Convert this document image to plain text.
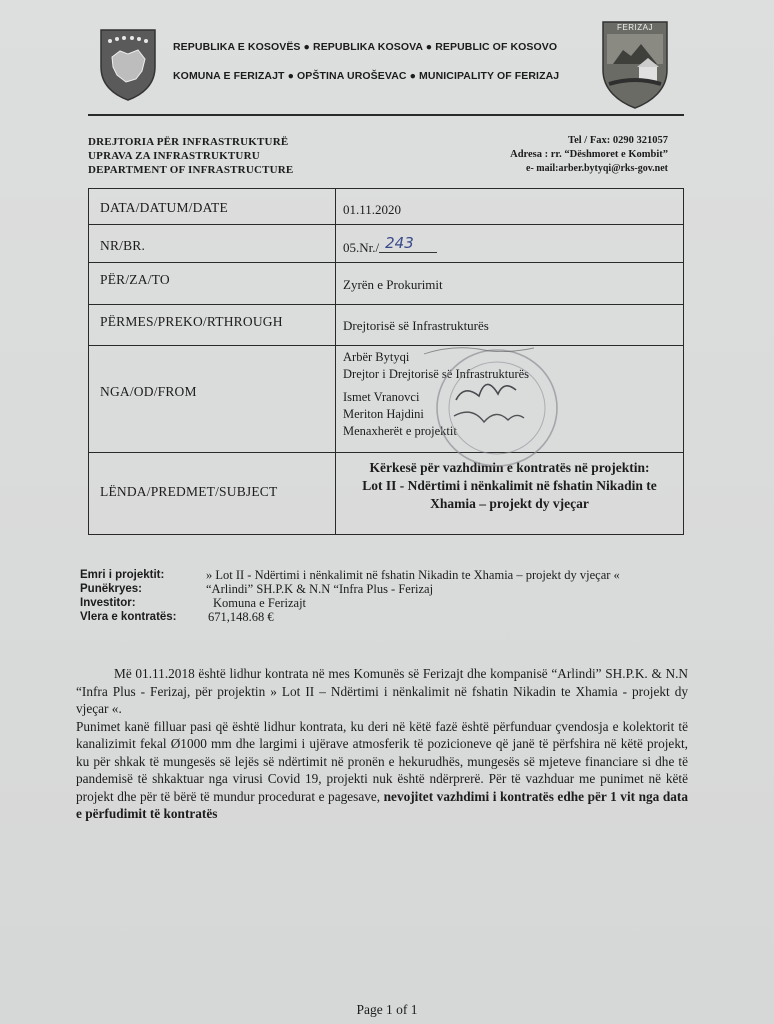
REPUBLIKA E KOSOVËS ● REPUBLIKA KOSOVA ● REPUBLIC OF KOSOVO
KOMUNA E FERIZAJT ● OPŠTINA UROŠEVAC ● MUNICIPALITY OF FERIZAJ
FERIZAJ
DREJTORIA PËR INFRASTRUKTURË
UPRAVA ZA INFRASTRUKTURU
DEPARTMENT OF INFRASTRUCTURE
Tel / Fax: 0290 321057
Adresa : rr. “Dëshmoret e Kombit”
e- mail:arber.bytyqi@rks-gov.net
DATA/DATUM/DATE	01.11.2020
NR/BR.	05.Nr./ 243
PËR/ZA/TO	Zyrën e Prokurimit
PËRMES/PREKO/RTHROUGH	Drejtorisë së Infrastrukturës
NGA/OD/FROM	Arbër Bytyqi
Drejtor i Drejtorisë së Infrastrukturës
Ismet Vranovci
Meriton Hajdini
Menaxherët e projektit

LËNDA/PREDMET/SUBJECT	Kërkesë për vazhdimin e kontratës në projektin:
Lot II - Ndërtimi i nënkalimit në fshatin Nikadin te
Xhamia – projekt dy vjeçar
Emri i projektit:	» Lot II - Ndërtimi i nënkalimit në fshatin Nikadin te Xhamia – projekt dy vjeçar «
Punëkryes:	“Arlindi” SH.P.K & N.N “Infra Plus - Ferizaj
Investitor:	Komuna e Ferizajt
Vlera e kontratës:	671,148.68 €

Më 01.11.2018 është lidhur kontrata në mes Komunës së Ferizajt dhe kompanisë “Arlindi” SH.P.K. & N.N “Infra Plus - Ferizaj, për projektin » Lot II – Ndërtimi i nënkalimit në fshatin Nikadin te Xhamia - projekt dy vjeçar «.

Punimet kanë filluar pasi që është lidhur kontrata, ku deri në këtë fazë është përfunduar çvendosja e kolektorit të kanalizimit fekal Ø1000 mm dhe largimi i ujërave atmosferik të pozicioneve që janë të përfshira në këtë projekt, ku për shkak të mungesës së lejës së ndërtimit në pronën e hekurudhës, mungesës së mjeteve financiare si dhe të pandemisë të shkaktuar nga virusi Covid 19, projekti nuk është ndërprerë. Për të vazhduar me punimet në këtë projekt dhe për të bërë të mundur procedurat e pagesave, nevojitet vazhdimi i kontratës edhe për 1 vit nga data e përfudimit të kontratës

Page 1 of 1
